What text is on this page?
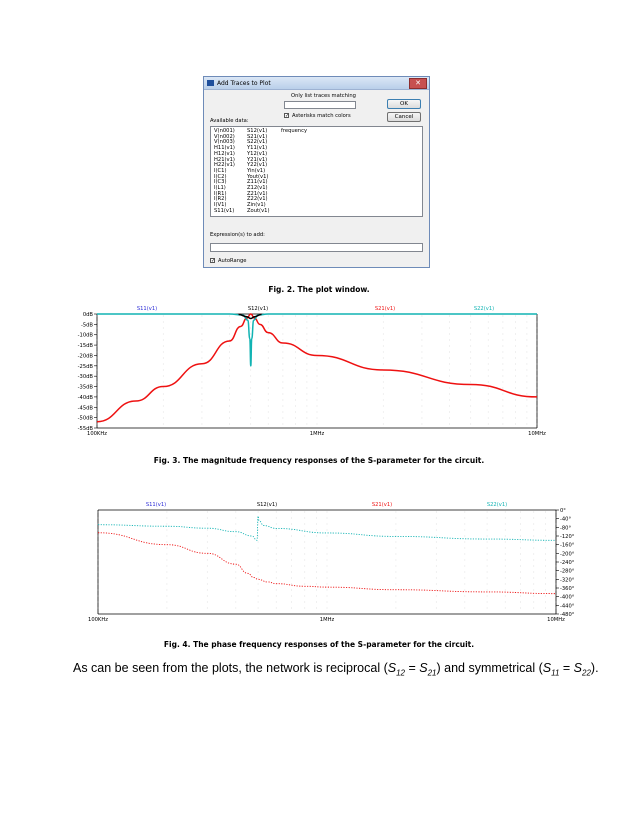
Add Traces to Plot	✕
Only list traces matching
OK
Cancel
✓ Asterisks match colors
Available data:
V(n001)
V(n002)
V(n003)
H11(v1)
H12(v1)
H21(v1)
H22(v1)
I(C1)
I(C2)
I(C3)
I(L1)
I(R1)
I(R2)
I(V1)
S11(v1)
S12(v1)
S21(v1)
S22(v1)
Y11(v1)
Y12(v1)
Y21(v1)
Y22(v1)
Yin(v1)
Yout(v1)
Z11(v1)
Z12(v1)
Z21(v1)
Z22(v1)
Zin(v1)
Zout(v1)
frequency
Expression(s) to add:
✓ AutoRange
Fig. 2. The plot window.
100KHz	1MHz	10MHz
0dB
-5dB
-10dB
-15dB
-20dB
-25dB
-30dB
-35dB
-40dB
-45dB
-50dB
-55dB
S11(v1)	S12(v1)	S21(v1)	S22(v1)
Fig. 3. The magnitude frequency responses of the S-parameter for the circuit.
100KHz	1MHz	10MHz
0°
-40°
-80°
-120°
-160°
-200°
-240°
-280°
-320°
-360°
-400°
-440°
-480°
S11(v1)	S12(v1)	S21(v1)	S22(v1)
Fig. 4. The phase frequency responses of the S-parameter for the circuit.
As can be seen from the plots, the network is reciprocal $(S_{12} = S_{21})$ and symmetrical $(S_{11} = S_{22})$.
